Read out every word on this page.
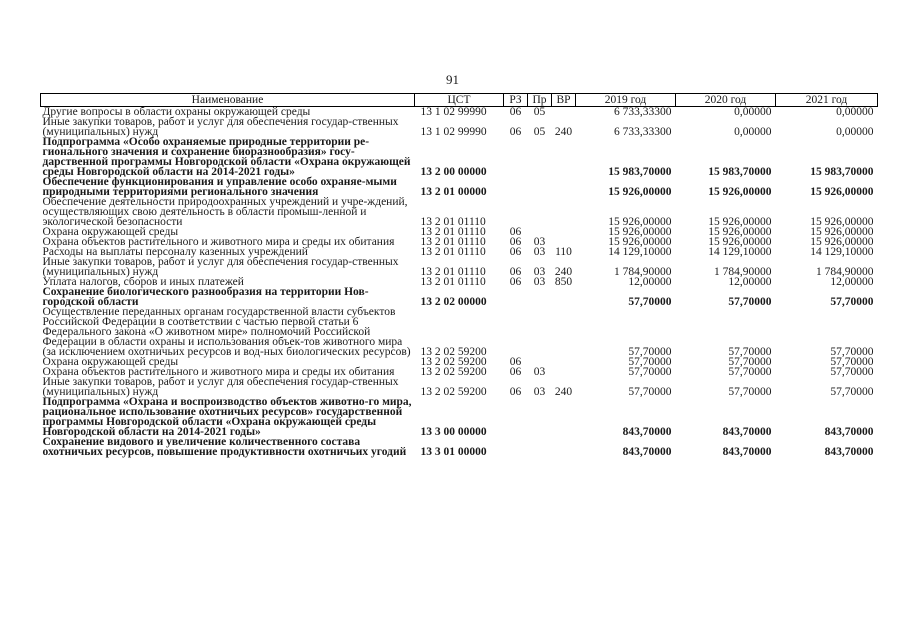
91
Наименование	ЦСТ	РЗ	Пр	ВР	2019 год	2020 год	2021 год
Другие вопросы в области охраны окружающей среды	13 1 02 99990	06	05		6 733,33300	0,00000	0,00000
Иные закупки товаров, работ и услуг для обеспечения государ-ственных (муниципальных) нужд	13 1 02 99990	06	05	240	6 733,33300	0,00000	0,00000
Подпрограмма «Особо охраняемые природные территории ре-гионального значения и сохранение биоразнообразия» госу-дарственной программы Новгородской области «Охрана окружающей среды Новгородской области на 2014-2021 годы»	13 2 00 00000				15 983,70000	15 983,70000	15 983,70000
Обеспечение функционирования и управление особо охраняе-мыми природными территориями регионального значения	13 2 01 00000				15 926,00000	15 926,00000	15 926,00000
Обеспечение деятельности природоохранных учреждений и учре-ждений, осуществляющих свою деятельность в области промыш-ленной и экологической безопасности	13 2 01 01110				15 926,00000	15 926,00000	15 926,00000
Охрана окружающей среды	13 2 01 01110	06			15 926,00000	15 926,00000	15 926,00000
Охрана объектов растительного и животного мира и среды их обитания	13 2 01 01110	06	03		15 926,00000	15 926,00000	15 926,00000
Расходы на выплаты персоналу казенных учреждений	13 2 01 01110	06	03	110	14 129,10000	14 129,10000	14 129,10000
Иные закупки товаров, работ и услуг для обеспечения государ-ственных (муниципальных) нужд	13 2 01 01110	06	03	240	1 784,90000	1 784,90000	1 784,90000
Уплата налогов, сборов и иных платежей	13 2 01 01110	06	03	850	12,00000	12,00000	12,00000
Сохранение биологического разнообразия на территории Нов-городской области	13 2 02 00000				57,70000	57,70000	57,70000
Осуществление переданных органам государственной власти субъектов Российской Федерации в соответствии с частью первой статьи 6 Федерального закона «О животном мире» полномочий Российской Федерации в области охраны и использования объек-тов животного мира (за исключением охотничьих ресурсов и вод-ных биологических ресурсов)	13 2 02 59200				57,70000	57,70000	57,70000
Охрана окружающей среды	13 2 02 59200	06			57,70000	57,70000	57,70000
Охрана объектов растительного и животного мира и среды их обитания	13 2 02 59200	06	03		57,70000	57,70000	57,70000
Иные закупки товаров, работ и услуг для обеспечения государ-ственных (муниципальных) нужд	13 2 02 59200	06	03	240	57,70000	57,70000	57,70000
Подпрограмма «Охрана и воспроизводство объектов животно-го мира, рациональное использование охотничьих ресурсов» государственной программы Новгородской области «Охрана окружающей среды Новгородской области на 2014-2021 годы»	13 3 00 00000				843,70000	843,70000	843,70000
Сохранение видового и увеличение количественного состава охотничьих ресурсов, повышение продуктивности охотничьих угодий	13 3 01 00000				843,70000	843,70000	843,70000
